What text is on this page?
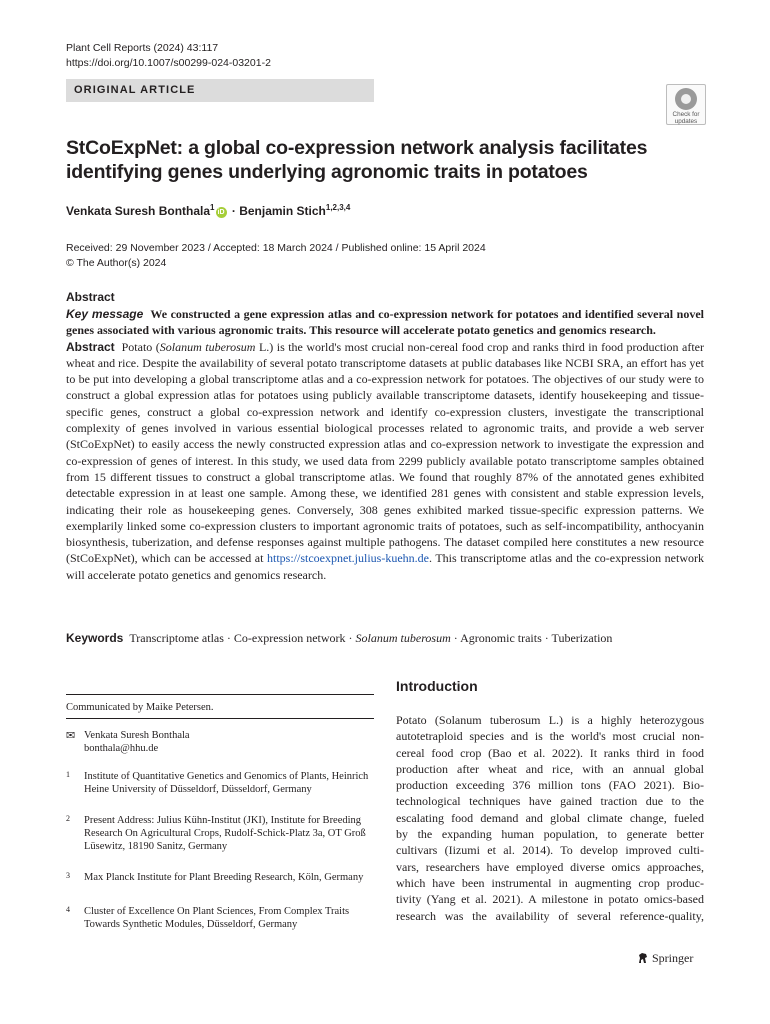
Plant Cell Reports (2024) 43:117
https://doi.org/10.1007/s00299-024-03201-2
ORIGINAL ARTICLE
Check for
updates
StCoExpNet: a global co-expression network analysis facilitates
identifying genes underlying agronomic traits in potatoes
Venkata Suresh Bonthala$^1$iD · Benjamin Stich$^{1,2,3,4}$
Received: 29 November 2023 / Accepted: 18 March 2024 / Published online: 15 April 2024
© The Author(s) 2024
Abstract

Key message We constructed a gene expression atlas and co-expression network for potatoes and identified several novel genes associated with various agronomic traits. This resource will accelerate potato genetics and genomics research.

Abstract Potato (Solanum tuberosum L.) is the world's most crucial non-cereal food crop and ranks third in food production after wheat and rice. Despite the availability of several potato transcriptome datasets at public databases like NCBI SRA, an effort has yet to be put into developing a global transcriptome atlas and a co-expression network for potatoes. The objectives of our study were to construct a global expression atlas for potatoes using publicly available transcriptome datasets, identify housekeeping and tissue-specific genes, construct a global co-expression network and identify co-expression clusters, investigate the transcriptional complexity of genes involved in various essential biological processes related to agronomic traits, and provide a web server (StCoExpNet) to easily access the newly constructed expression atlas and co-expression network to investigate the expression and co-expression of genes of interest. In this study, we used data from 2299 publicly available potato transcriptome samples obtained from 15 different tissues to construct a global transcriptome atlas. We found that roughly 87% of the annotated genes exhibited detectable expression in at least one sample. Among these, we identified 281 genes with consistent and stable expression levels, indicating their role as housekeeping genes. Conversely, 308 genes exhibited marked tissue-specific expression patterns. We exemplarily linked some co-expression clusters to important agronomic traits of potatoes, such as self-incompatibility, anthocyanin biosynthesis, tuberization, and defense responses against multiple pathogens. The dataset compiled here constitutes a new resource (StCoExpNet), which can be accessed at https://stcoexpnet.julius-kuehn.de. This transcriptome atlas and the co-expression network will accelerate potato genetics and genomics research.

Keywords Transcriptome atlas · Co-expression network · Solanum tuberosum · Agronomic traits · Tuberization
Communicated by Maike Petersen.
✉ Venkata Suresh Bonthala
bonthala@hhu.de
1 Institute of Quantitative Genetics and Genomics of Plants, Heinrich Heine University of Düsseldorf, Düsseldorf, Germany
2 Present Address: Julius Kühn-Institut (JKI), Institute for Breeding Research On Agricultural Crops, Rudolf-Schick-Platz 3a, OT Groß Lüsewitz, 18190 Sanitz, Germany
3 Max Planck Institute for Plant Breeding Research, Köln, Germany
4 Cluster of Excellence On Plant Sciences, From Complex Traits Towards Synthetic Modules, Düsseldorf, Germany
Introduction
Potato (Solanum tuberosum L.) is a highly heterozygous
autotetraploid species and is the world's most crucial non-
cereal food crop (Bao et al. 2022). It ranks third in food
production after wheat and rice, with an annual global
production exceeding 376 million tons (FAO 2021). Bio-
technological techniques have gained traction due to the
escalating food demand and global climate change, fueled
by the expanding human population, to generate better
cultivars (Iizumi et al. 2014). To develop improved culti-
vars, researchers have employed diverse omics approaches,
which have been instrumental in augmenting crop produc-
tivity (Yang et al. 2021). A milestone in potato omics-based
research was the availability of several reference-quality,
Springer
